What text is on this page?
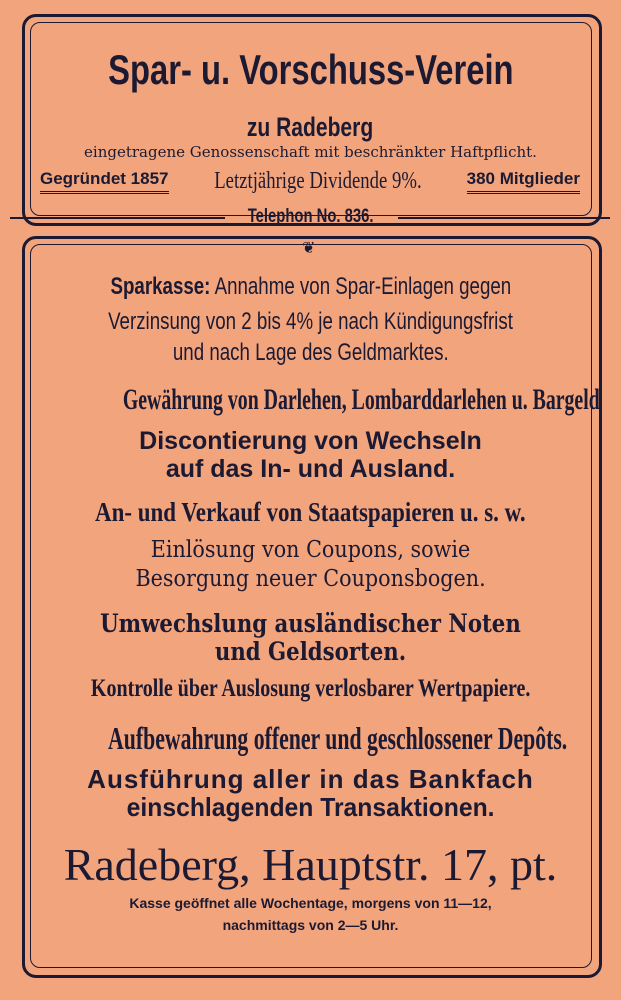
Spar- u. Vorschuss-Verein
zu Radeberg
eingetragene Genossenschaft mit beschränkter Haftpflicht.
Gegründet 1857	Letztjährige Dividende 9%.	380 Mitglieder
Telephon No. 836.
❦
Sparkasse: Annahme von Spar-Einlagen gegen
Verzinsung von 2 bis 4% je nach Kündigungsfrist
und nach Lage des Geldmarktes.
Gewährung von Darlehen, Lombarddarlehen u. Bargeld
Discontierung von Wechseln
auf das In- und Ausland.
An- und Verkauf von Staatspapieren u. s. w.
Einlösung von Coupons, sowie
Besorgung neuer Couponsbogen.
Umwechslung ausländischer Noten
und Geldsorten.
Kontrolle über Auslosung verlosbarer Wertpapiere.
Aufbewahrung offener und geschlossener Depôts.
Ausführung aller in das Bankfach
einschlagenden Transaktionen.
Radeberg, Hauptstr. 17, pt.
Kasse geöffnet alle Wochentage, morgens von 11—12,
nachmittags von 2—5 Uhr.
